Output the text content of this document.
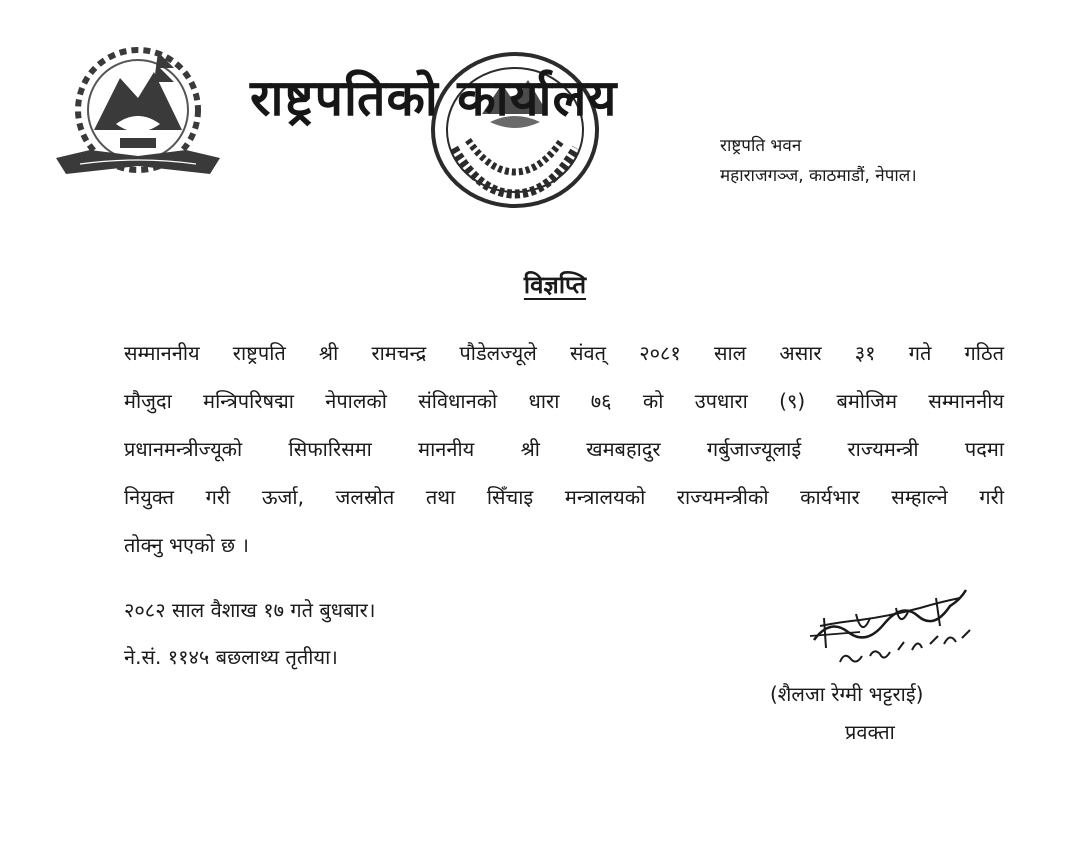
राष्ट्रपतिको कार्यालय
राष्ट्रपति भवन
महाराजगञ्ज, काठमाडौं, नेपाल।
विज्ञप्ति
सम्माननीय राष्ट्रपति श्री रामचन्द्र पौडेलज्यूले संवत् २०८१ साल असार ३१ गते गठित
मौजुदा मन्त्रिपरिषद्मा नेपालको संविधानको धारा ७६ को उपधारा (९) बमोजिम सम्माननीय
प्रधानमन्त्रीज्यूको सिफारिसमा माननीय श्री खमबहादुर गर्बुजाज्यूलाई राज्यमन्त्री पदमा
नियुक्त गरी ऊर्जा, जलस्रोत तथा सिँचाइ मन्त्रालयको राज्यमन्त्रीको कार्यभार सम्हाल्ने गरी
तोक्नु भएको छ ।
२०८२ साल वैशाख १७ गते बुधबार।
ने.सं. ११४५ बछलाथ्य तृतीया।
(शैलजा रेग्मी भट्टराई)
प्रवक्ता
